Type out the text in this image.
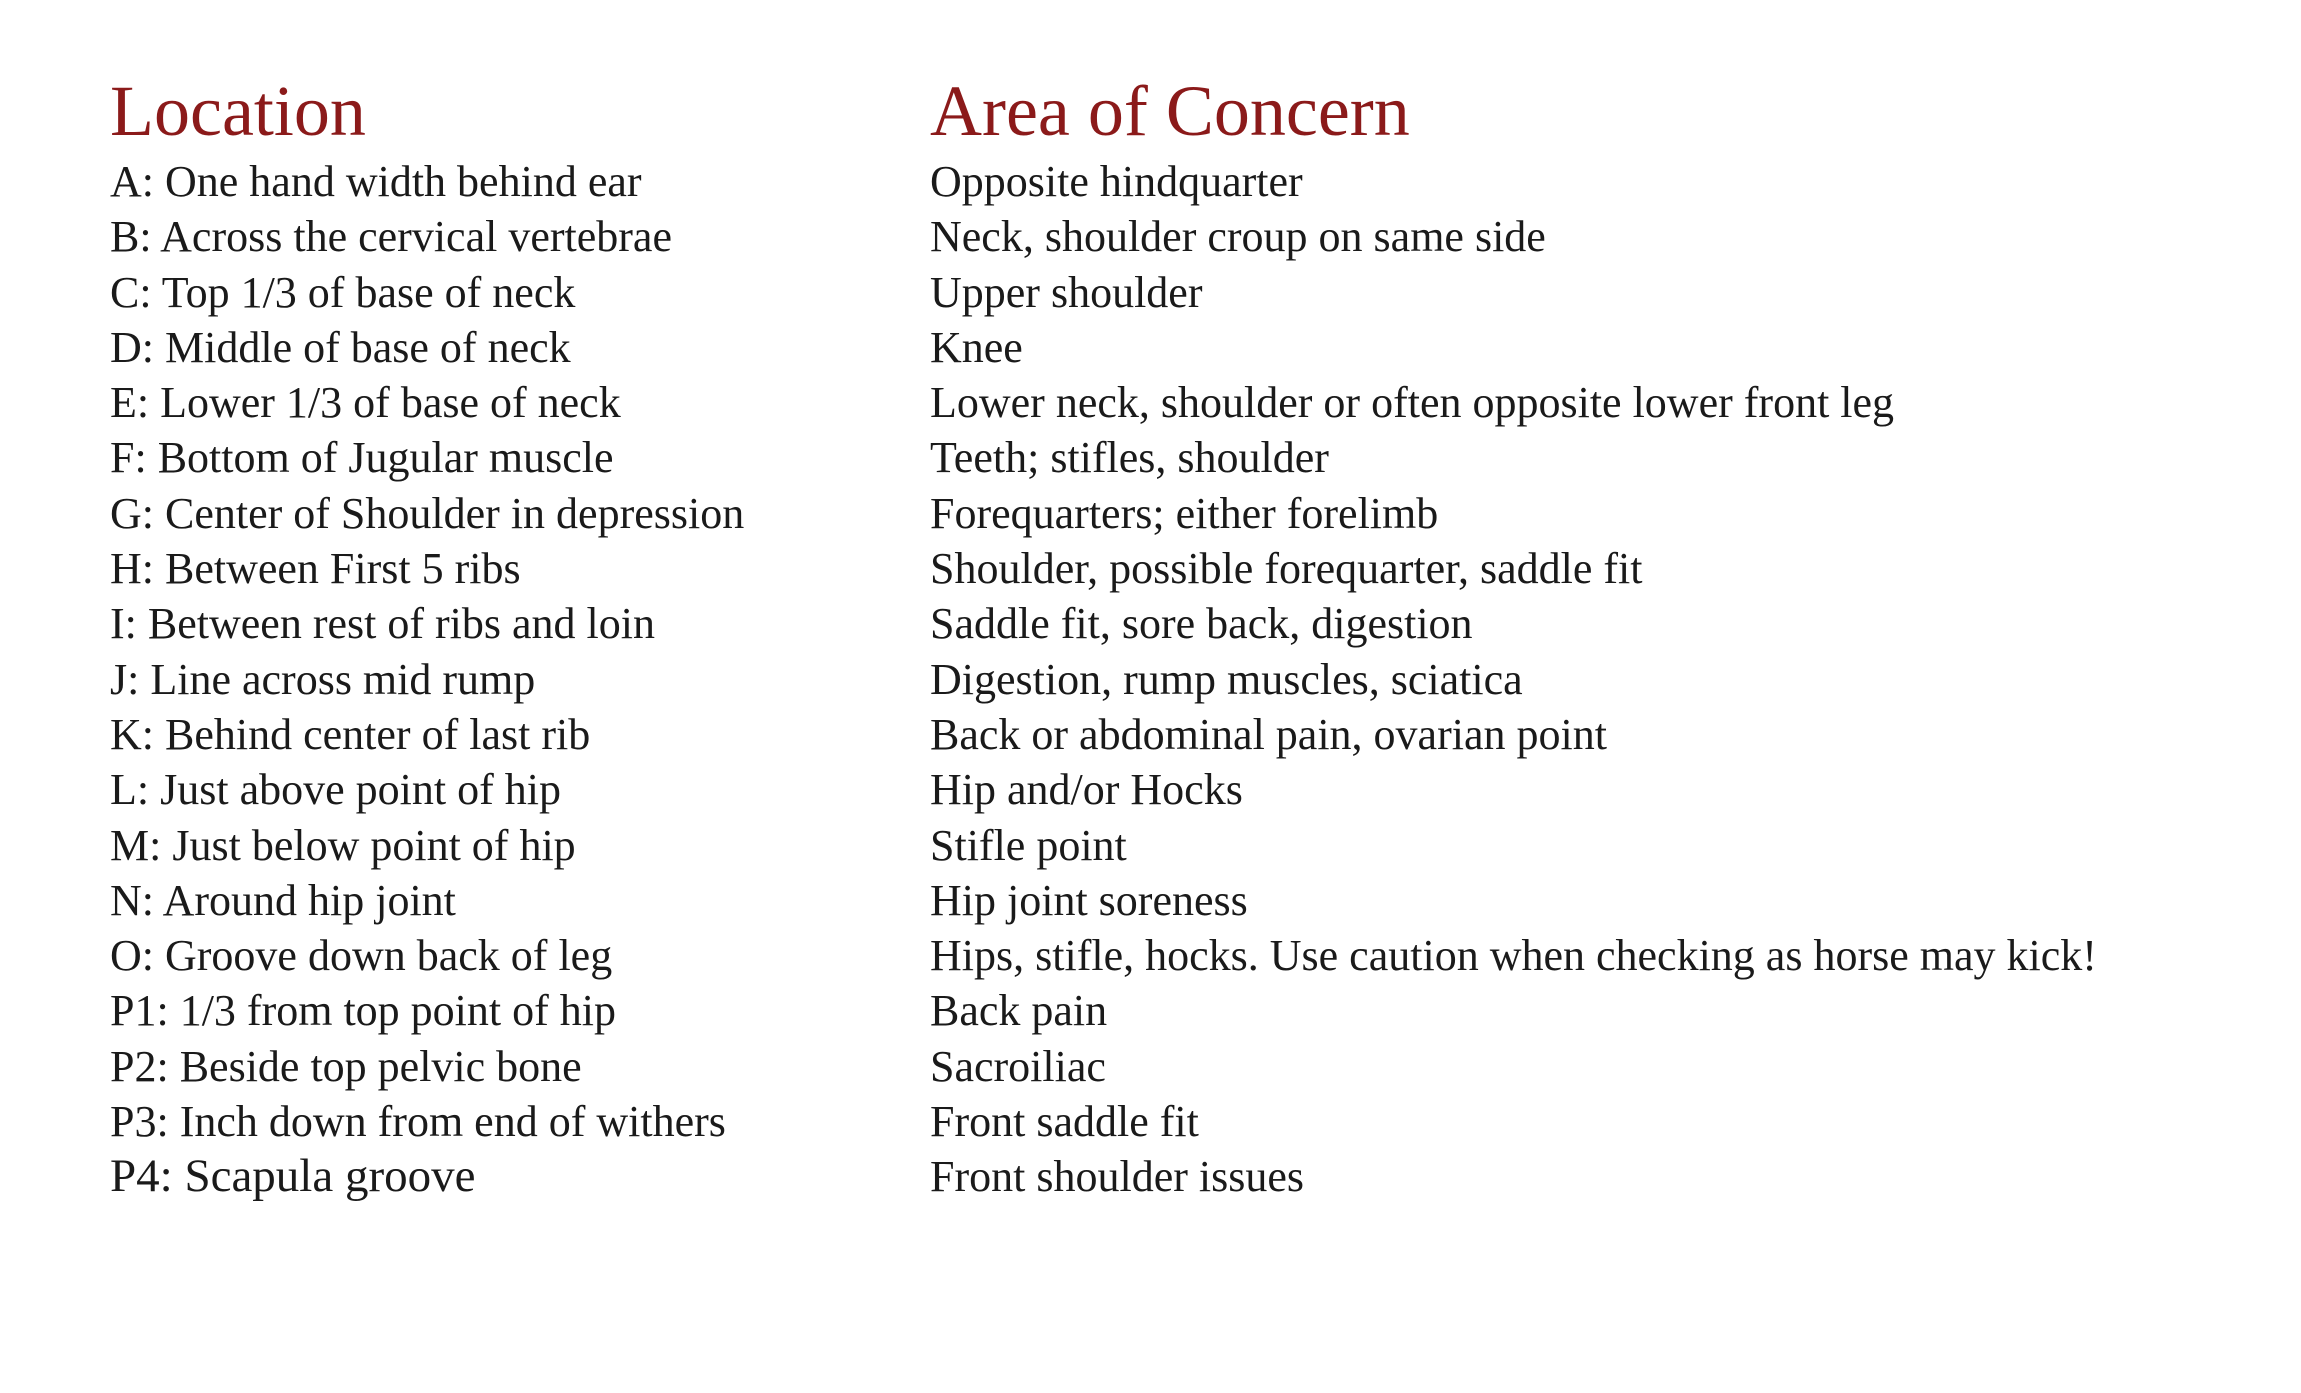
Location
A: One hand width behind ear
B: Across the cervical vertebrae
C: Top 1/3 of base of neck
D: Middle of base of neck
E: Lower 1/3 of base of neck
F: Bottom of Jugular muscle
G: Center of Shoulder in depression
H: Between First 5 ribs
I: Between rest of ribs and loin
J: Line across mid rump
K: Behind center of last rib
L: Just above point of hip
M: Just below point of hip
N: Around hip joint
O: Groove down back of leg
P1: 1/3 from top point of hip
P2: Beside top pelvic bone
P3: Inch down from end of withers
P4: Scapula groove
Area of Concern
Opposite hindquarter
Neck, shoulder croup on same side
Upper shoulder
Knee
Lower neck, shoulder or often opposite lower front leg
Teeth; stifles, shoulder
Forequarters; either forelimb
Shoulder, possible forequarter, saddle fit
Saddle fit, sore back, digestion
Digestion, rump muscles, sciatica
Back or abdominal pain, ovarian point
Hip and/or Hocks
Stifle point
Hip joint soreness
Hips, stifle, hocks. Use caution when checking as horse may kick!
Back pain
Sacroiliac
Front saddle fit
Front shoulder issues
